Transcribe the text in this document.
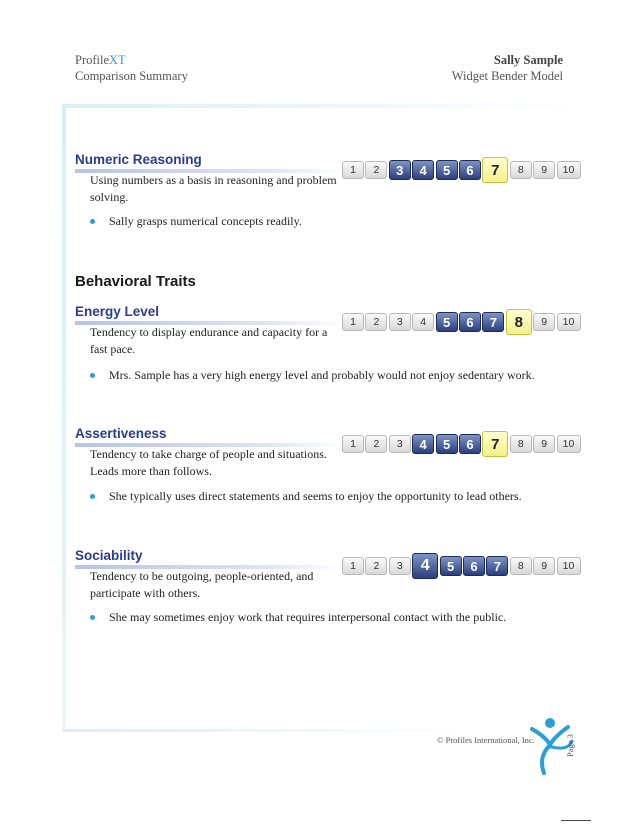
ProfileXT
Comparison Summary
Sally Sample
Widget Bender Model
Numeric Reasoning
Using numbers as a basis in reasoning and problem solving.
1	2	3	4	5	6	7	8	9	10
Sally grasps numerical concepts readily.
Behavioral Traits
Energy Level
Tendency to display endurance and capacity for a fast pace.
1	2	3	4	5	6	7	8	9	10
Mrs. Sample has a very high energy level and probably would not enjoy sedentary work.
Assertiveness
Tendency to take charge of people and situations. Leads more than follows.
1	2	3	4	5	6	7	8	9	10
She typically uses direct statements and seems to enjoy the opportunity to lead others.
Sociability
Tendency to be outgoing, people-oriented, and participate with others.
1	2	3	4	5	6	7	8	9	10
She may sometimes enjoy work that requires interpersonal contact with the public.
© Profiles International, Inc.	Page 3
